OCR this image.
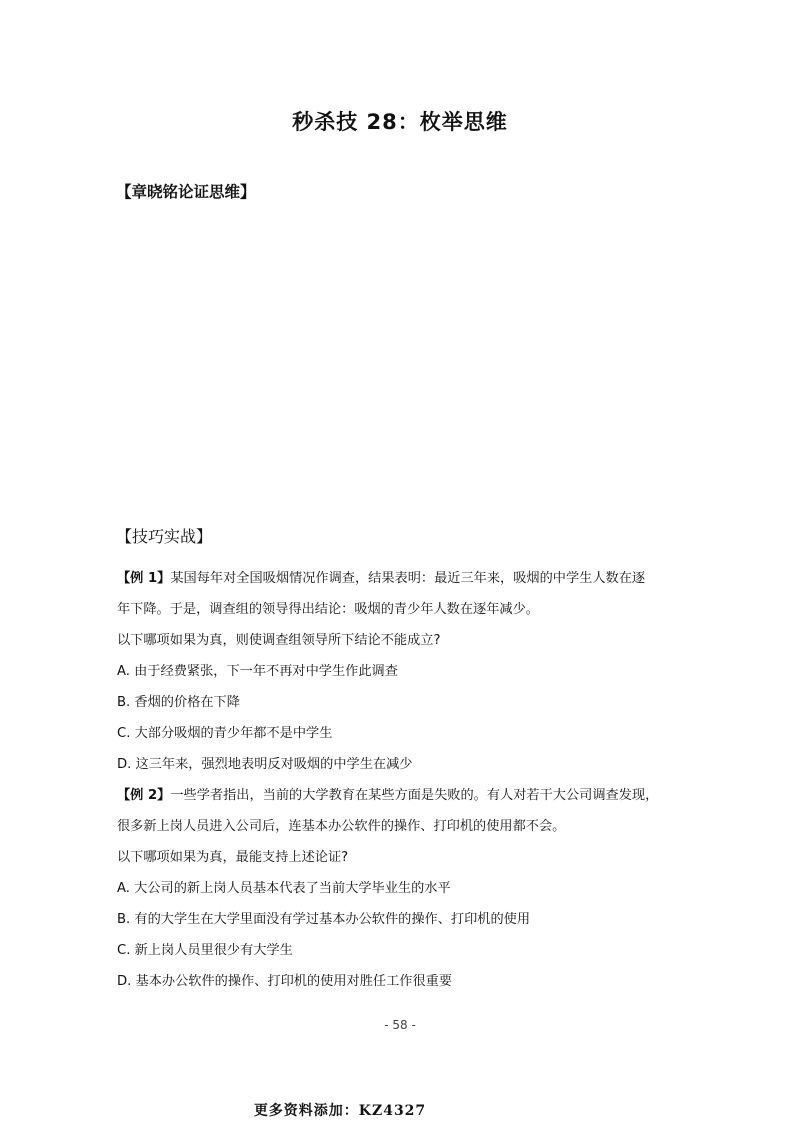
秒杀技 28：枚举思维
【章晓铭论证思维】
【技巧实战】
【例 1】某国每年对全国吸烟情况作调查，结果表明：最近三年来，吸烟的中学生人数在逐
年下降。于是，调查组的领导得出结论：吸烟的青少年人数在逐年减少。
以下哪项如果为真，则使调查组领导所下结论不能成立?
A. 由于经费紧张，下一年不再对中学生作此调查
B. 香烟的价格在下降
C. 大部分吸烟的青少年都不是中学生
D. 这三年来，强烈地表明反对吸烟的中学生在减少
【例 2】一些学者指出，当前的大学教育在某些方面是失败的。有人对若干大公司调查发现，
很多新上岗人员进入公司后，连基本办公软件的操作、打印机的使用都不会。
以下哪项如果为真，最能支持上述论证?
A. 大公司的新上岗人员基本代表了当前大学毕业生的水平
B. 有的大学生在大学里面没有学过基本办公软件的操作、打印机的使用
C. 新上岗人员里很少有大学生
D. 基本办公软件的操作、打印机的使用对胜任工作很重要
- 58 -
更多资料添加：KZ4327
